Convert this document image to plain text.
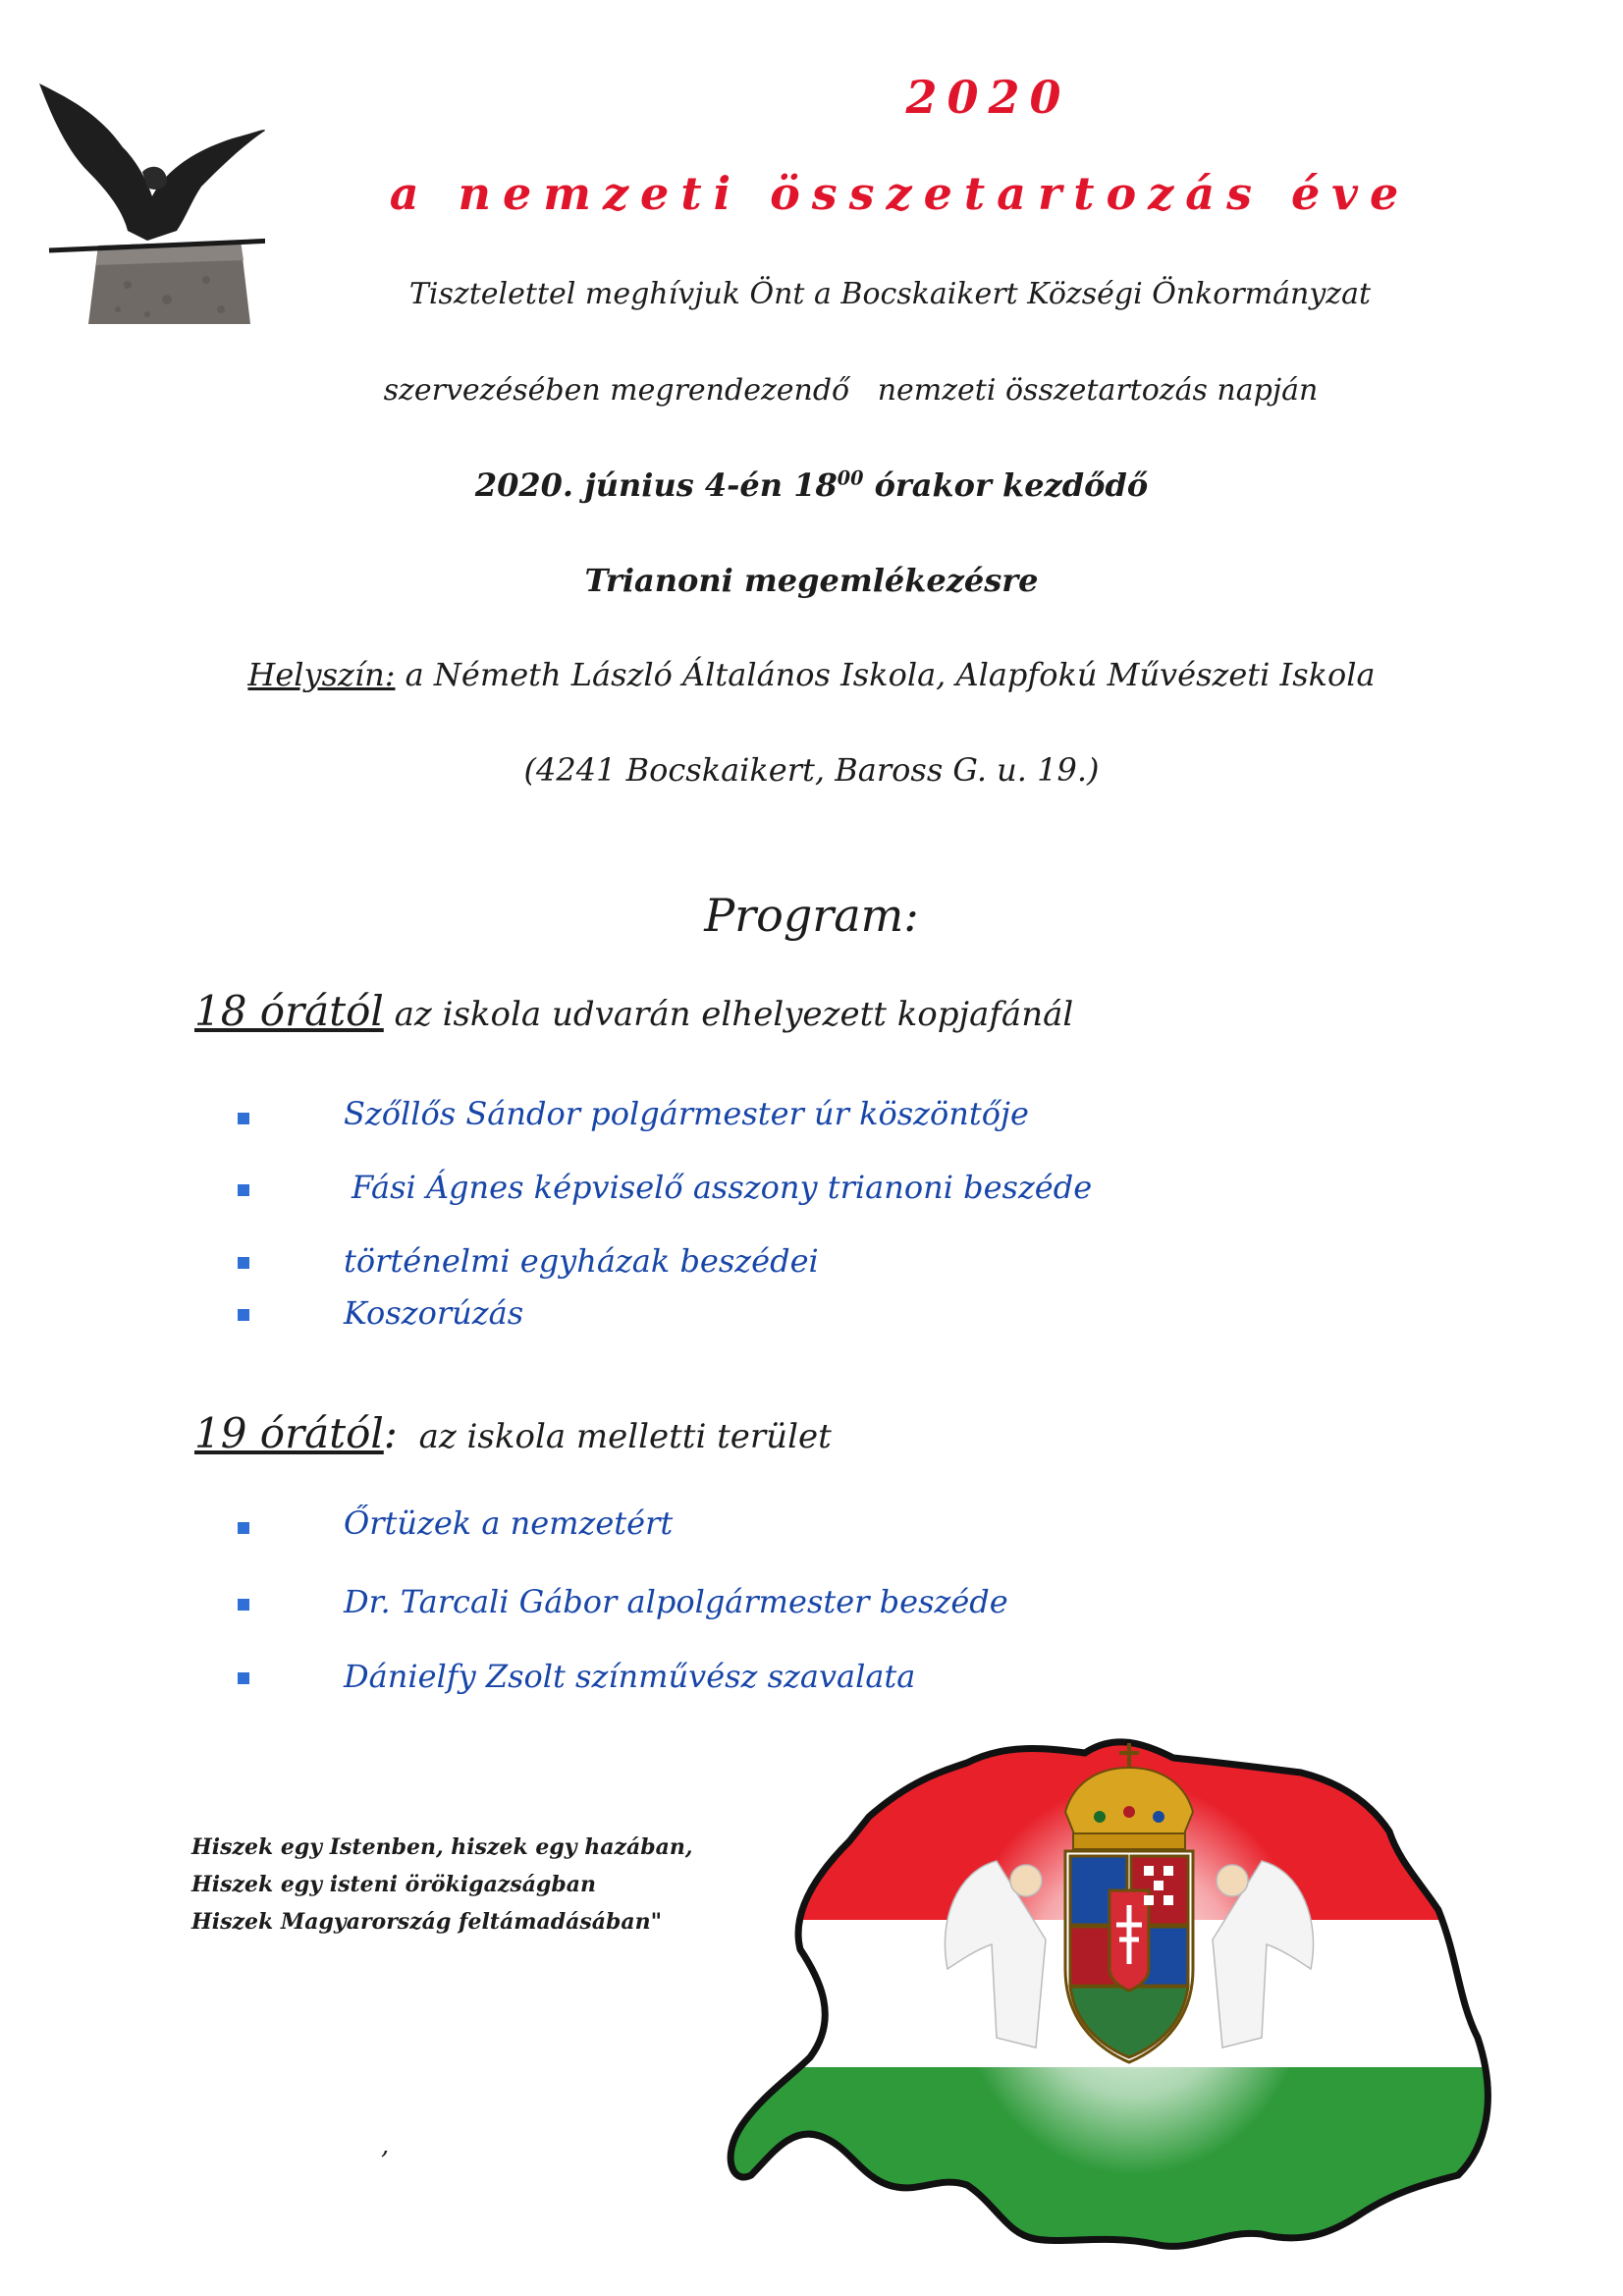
2020
a nemzeti összetartozás éve
Tisztelettel meghívjuk Önt a Bocskaikert Községi Önkormányzat
szervezésében megrendezendő   nemzeti összetartozás napján
2020. június 4-én $18^{00}$ órakor kezdődő
Trianoni megemlékezésre
Helyszín: a Németh László Általános Iskola, Alapfokú Művészeti Iskola
(4241 Bocskaikert, Baross G. u. 19.)
Program:
18 órától az iskola udvarán elhelyezett kopjafánál
Szőllős Sándor polgármester úr köszöntője
Fási Ágnes képviselő asszony trianoni beszéde
történelmi egyházak beszédei
Koszorúzás
19 órától:  az iskola melletti terület
Őrtüzek a nemzetért
Dr. Tarcali Gábor alpolgármester beszéde
Dánielfy Zsolt színművész szavalata
Hiszek egy Istenben, hiszek egy hazában,
Hiszek egy isteni örökigazságban
Hiszek Magyarország feltámadásában"
,
